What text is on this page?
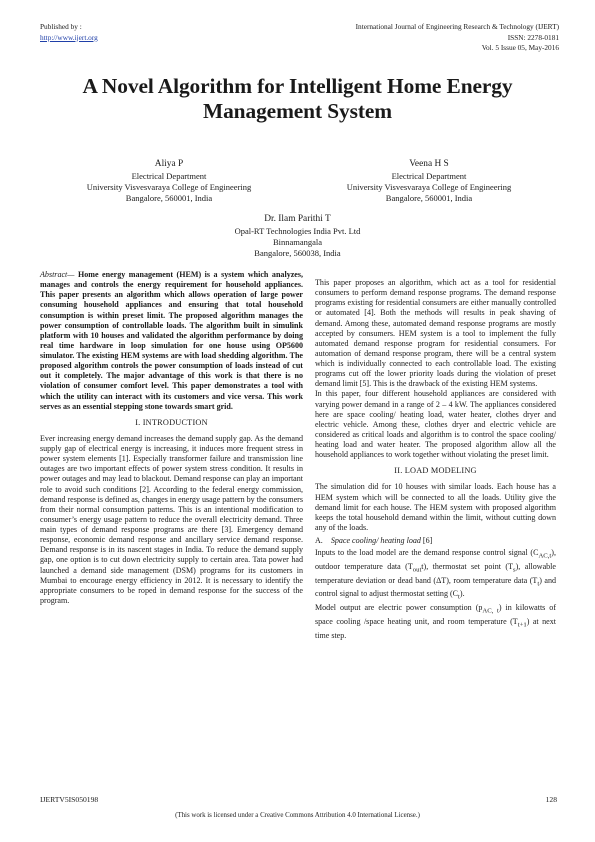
Published by :
http://www.ijert.org
International Journal of Engineering Research & Technology (IJERT)
ISSN: 2278-0181
Vol. 5 Issue 05, May-2016
A Novel Algorithm for Intelligent Home Energy Management System
Aliya P
Electrical Department
University Visvesvaraya College of Engineering
Bangalore, 560001, India
Veena H S
Electrical Department
University Visvesvaraya College of Engineering
Bangalore, 560001, India
Dr. Ilam Parithi T
Opal-RT Technologies India Pvt. Ltd
Binnamangala
Bangalore, 560038, India

Abstract— Home energy management (HEM) is a system which analyzes, manages and controls the energy requirement for household appliances. This paper presents an algorithm which allows operation of large power consuming household appliances and ensuring that total household consumption is within preset limit. The proposed algorithm manages the power consumption of controllable loads. The algorithm built in simulink platform with 10 houses and validated the algorithm performance by doing real time hardware in loop simulation for one house using OP5600 simulator. The existing HEM systems are with load shedding algorithm. The proposed algorithm controls the power consumption of loads instead of cut out it completely. The major advantage of this work is that there is no violation of consumer comfort level. This paper demonstrates a tool with which the utility can interact with its customers and vice versa. This work serves as an essential stepping stone towards smart grid.

I. INTRODUCTION

Ever increasing energy demand increases the demand supply gap. As the demand supply gap of electrical energy is increasing, it induces more frequent stress in power system elements [1]. Especially transformer failure and transmission line outages are two important effects of power system stress condition. It results in power outages and may lead to blackout. Demand response can play an important role to avoid such conditions [2]. According to the federal energy commission, demand response is defined as, changes in energy usage pattern by the consumers from their normal consumption patterns. This is an intentional modification to consumer’s energy usage pattern to reduce the overall electricity demand. Three main types of demand response programs are there [3]. Emergency demand response, economic demand response and ancillary service demand response. Demand response is in its nascent stages in India. To reduce the demand supply gap, one option is to cut down electricity supply to certain area. Tata power had launched a demand side management (DSM) programs for its customers in Mumbai to encourage energy efficiency in 2012. It is necessary to identify the appropriate consumers to be roped in demand response for the success of the program.

This paper proposes an algorithm, which act as a tool for residential consumers to perform demand response programs. The demand response programs existing for residential consumers are either manually controlled or automated [4]. Both the methods will results in peak shaving of demand. Among these, automated demand response programs are mostly accepted by consumers. HEM system is a tool to implement the fully automated demand response program for residential consumers. For automation of demand response program, there will be a central system which is individually connected to each controllable load. The existing programs cut off the lower priority loads during the violation of preset demand limit [5]. This is the drawback of the existing HEM systems.

In this paper, four different household appliances are considered with varying power demand in a range of 2 – 4 kW. The appliances considered here are space cooling/ heating load, water heater, clothes dryer and electric vehicle. Among these, clothes dryer and electric vehicle are considered as critical loads and algorithm is to control the space cooling/ heating load and water heater. The proposed algorithm allow all the household appliances to work together without violating the preset limit.

II. LOAD MODELING

The simulation did for 10 houses with similar loads. Each house has a HEM system which will be connected to all the loads. Utility give the demand limit for each house. The HEM system with proposed algorithm keeps the total household demand within the limit, without cutting down any of the loads.

A. Space cooling/ heating load [6]

Inputs to the load model are the demand response control signal $(C_{AC,t})$, outdoor temperature data $(T_{out}t)$, thermostat set point $(T_s)$, allowable temperature deviation or dead band (ΔT), room temperature data $(T_t)$ and control signal to adjust thermostat setting $(C_t)$.

Model output are electric power consumption $(p_{AC, t})$ in kilowatts of space cooling /space heating unit, and room temperature $(T_{t+1})$ at next time step.

IJERTV5IS050198	128
(This work is licensed under a Creative Commons Attribution 4.0 International License.)
